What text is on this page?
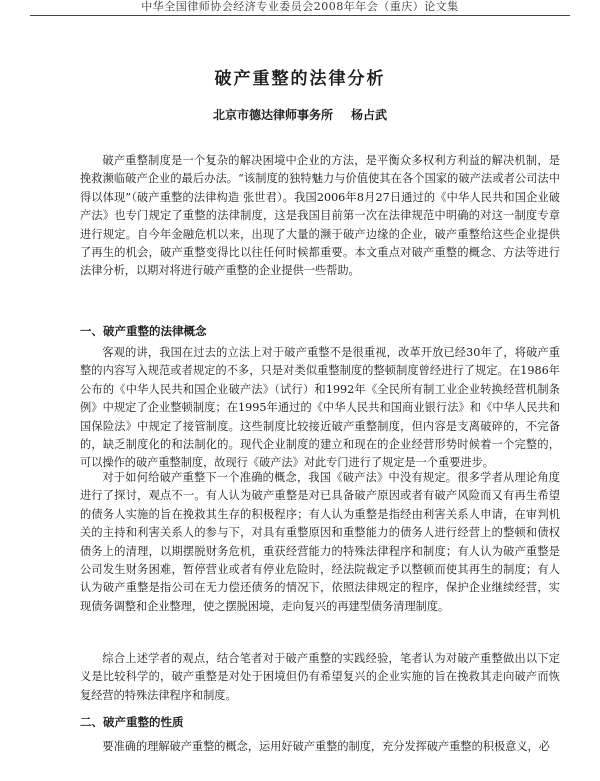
中华全国律师协会经济专业委员会2008年年会（重庆）论文集
破产重整的法律分析
北京市德达律师事务所 杨占武

破产重整制度是一个复杂的解决困境中企业的方法，是平衡众多权利方利益的解决机制，是挽救濒临破产企业的最后办法。“该制度的独特魅力与价值使其在各个国家的破产法或者公司法中得以体现”（破产重整的法律构造 张世君）。我国2006年8月27日通过的《中华人民共和国企业破产法》也专门规定了重整的法律制度，这是我国目前第一次在法律规范中明确的对这一制度专章进行规定。自今年金融危机以来，出现了大量的濒于破产边缘的企业，破产重整给这些企业提供了再生的机会，破产重整变得比以往任何时候都重要。本文重点对破产重整的概念、方法等进行法律分析，以期对将进行破产重整的企业提供一些帮助。

一、破产重整的法律概念

客观的讲，我国在过去的立法上对于破产重整不是很重视，改革开放已经30年了，将破产重整的内容写入规范或者规定的不多，只是对类似重整制度的整顿制度曾经进行了规定。在1986年公布的《中华人民共和国企业破产法》（试行）和1992年《全民所有制工业企业转换经营机制条例》中规定了企业整顿制度；在1995年通过的《中华人民共和国商业银行法》和《中华人民共和国保险法》中规定了接管制度。这些制度比较接近破产重整制度，但内容是支离破碎的，不完备的，缺乏制度化的和法制化的。现代企业制度的建立和现在的企业经营形势时候着一个完整的，可以操作的破产重整制度，故现行《破产法》对此专门进行了规定是一个重要进步。

对于如何给破产重整下一个准确的概念，我国《破产法》中没有规定。很多学者从理论角度进行了探讨，观点不一。有人认为破产重整是对已具备破产原因或者有破产风险而又有再生希望的债务人实施的旨在挽救其生存的积极程序；有人认为重整是指经由利害关系人申请，在审判机关的主持和利害关系人的参与下，对具有重整原因和重整能力的债务人进行经营上的整顿和债权债务上的清理，以期摆脱财务危机，重获经营能力的特殊法律程序和制度；有人认为破产重整是公司发生财务困难，暂停营业或者有停业危险时，经法院裁定予以整顿而使其再生的制度；有人认为破产重整是指公司在无力偿还债务的情况下，依照法律规定的程序，保护企业继续经营，实现债务调整和企业整理，使之摆脱困境，走向复兴的再建型债务清理制度。

综合上述学者的观点，结合笔者对于破产重整的实践经验，笔者认为对破产重整做出以下定义是比较科学的，破产重整是对处于困境但仍有希望复兴的企业实施的旨在挽救其走向破产而恢复经营的特殊法律程序和制度。

二、破产重整的性质

要准确的理解破产重整的概念，运用好破产重整的制度，充分发挥破产重整的积极意义，必
